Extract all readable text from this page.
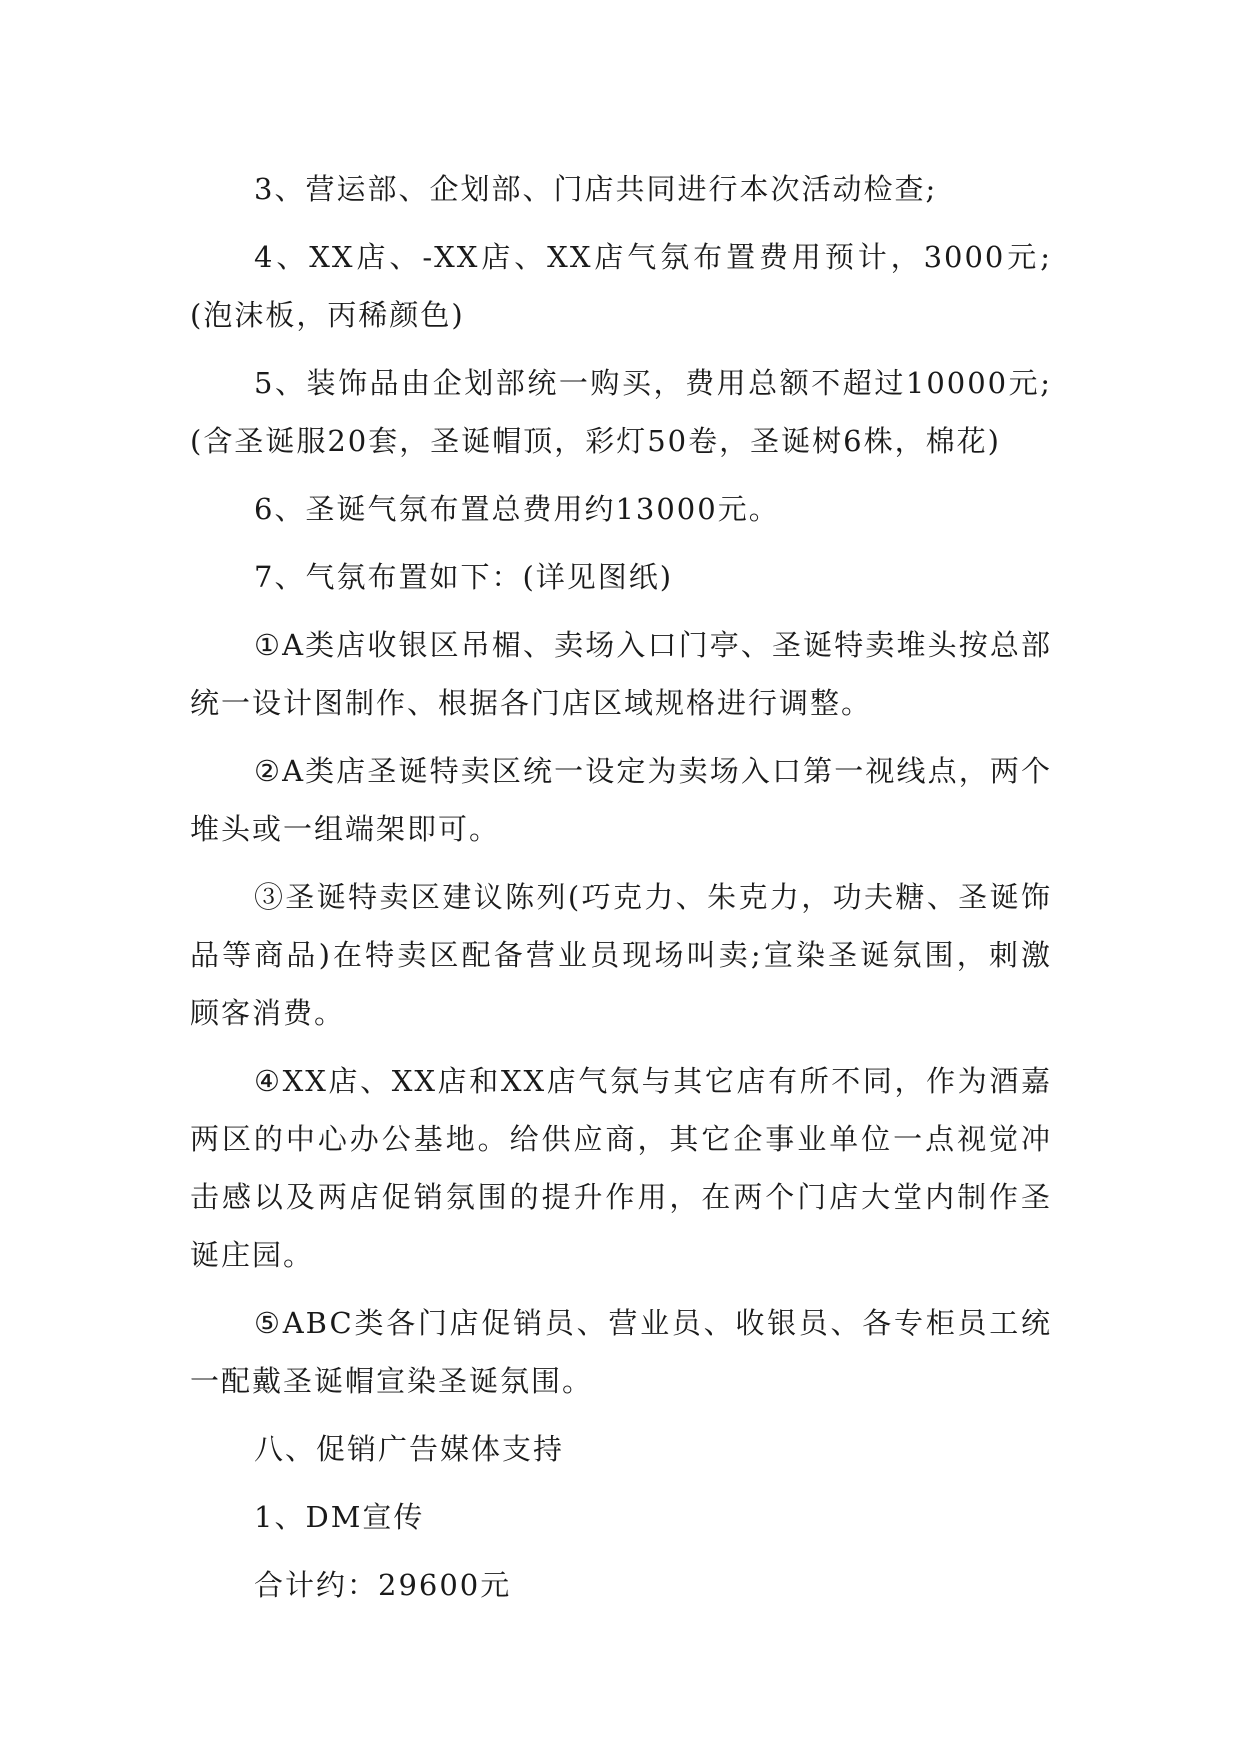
3、营运部、企划部、门店共同进行本次活动检查;

4、XX店、-XX店、XX店气氛布置费用预计，3000元;(泡沫板，丙稀颜色)

5、装饰品由企划部统一购买，费用总额不超过10000元;(含圣诞服20套，圣诞帽顶，彩灯50卷，圣诞树6株，棉花)

6、圣诞气氛布置总费用约13000元。

7、气氛布置如下：(详见图纸)

①A类店收银区吊楣、卖场入口门亭、圣诞特卖堆头按总部统一设计图制作、根据各门店区域规格进行调整。

②A类店圣诞特卖区统一设定为卖场入口第一视线点，两个堆头或一组端架即可。

③圣诞特卖区建议陈列(巧克力、朱克力，功夫糖、圣诞饰品等商品)在特卖区配备营业员现场叫卖;宣染圣诞氛围，刺激顾客消费。

④XX店、XX店和XX店气氛与其它店有所不同，作为酒嘉两区的中心办公基地。给供应商，其它企事业单位一点视觉冲击感以及两店促销氛围的提升作用，在两个门店大堂内制作圣诞庄园。

⑤ABC类各门店促销员、营业员、收银员、各专柜员工统一配戴圣诞帽宣染圣诞氛围。

八、促销广告媒体支持

1、DM宣传

合计约：29600元
